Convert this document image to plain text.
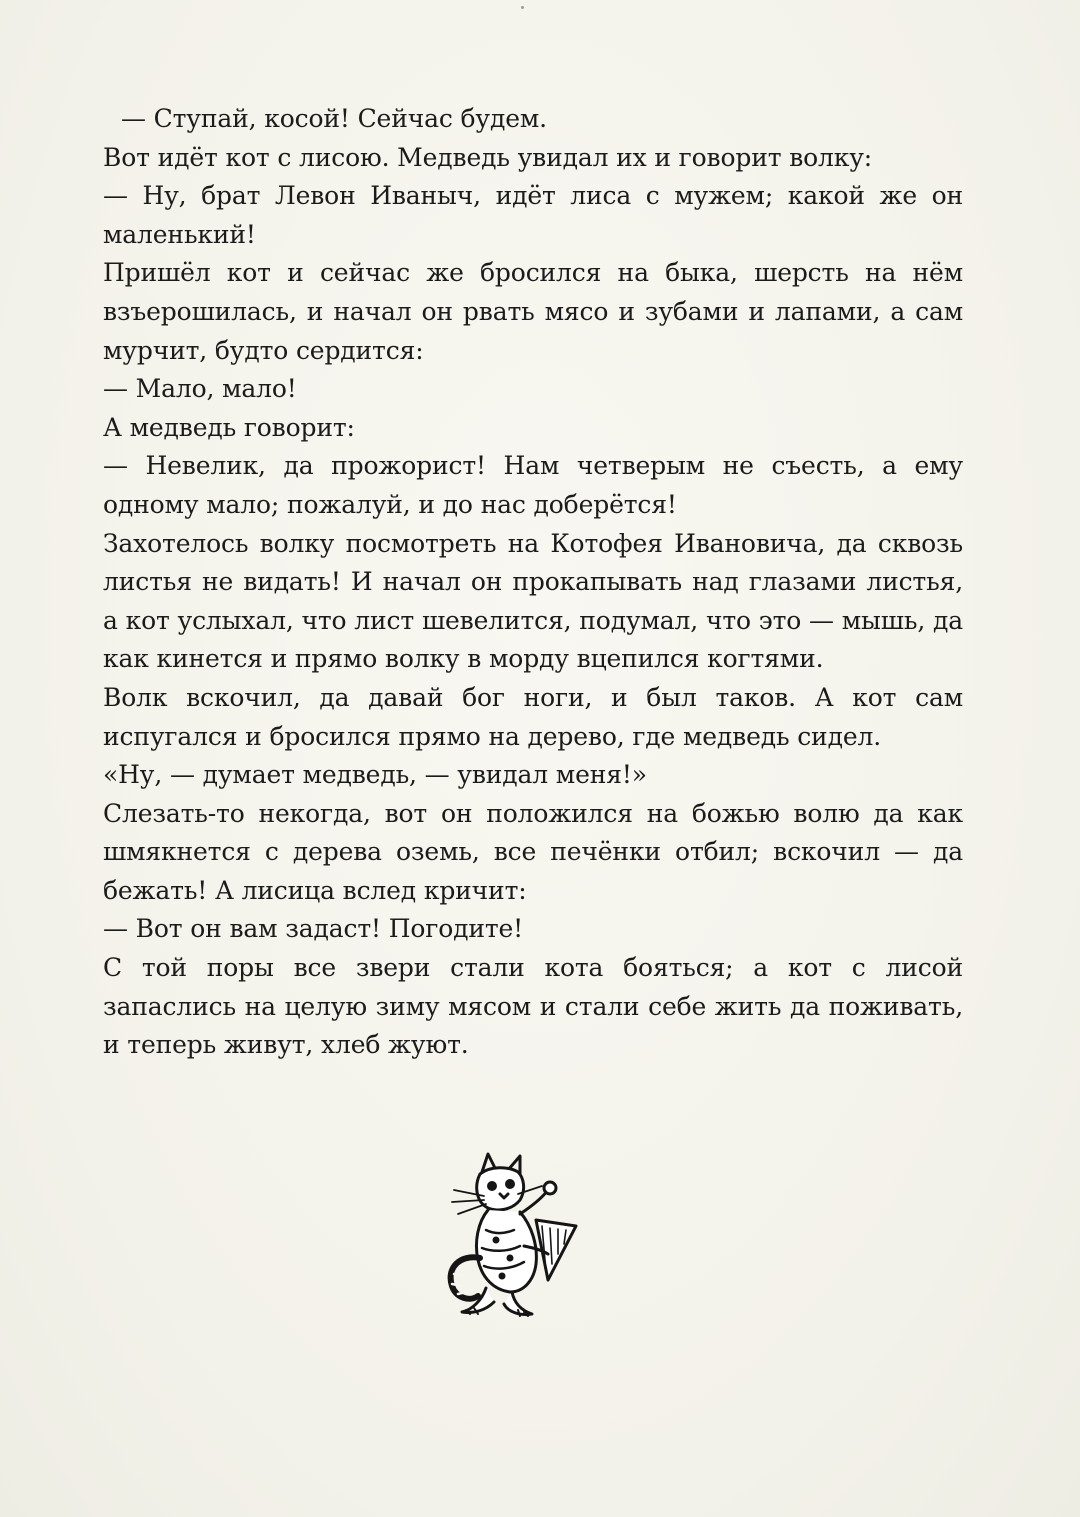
— Ступай, косой! Сейчас будем.

Вот идёт кот с лисою. Медведь увидал их и говорит волку:

— Ну, брат Левон Иваныч, идёт лиса с мужем; какой же он маленький!

Пришёл кот и сейчас же бросился на быка, шерсть на нём взъерошилась, и начал он рвать мясо и зубами и лапами, а сам мурчит, будто сердится:

— Мало, мало!

А медведь говорит:

— Невелик, да прожорист! Нам четверым не съесть, а ему одному мало; пожалуй, и до нас доберётся!

Захотелось волку посмотреть на Котофея Ивановича, да сквозь листья не видать! И начал он прокапывать над глазами листья, а кот услыхал, что лист шевелится, подумал, что это — мышь, да как кинется и прямо волку в морду вцепился когтями.

Волк вскочил, да давай бог ноги, и был таков. А кот сам испугался и бросился прямо на дерево, где медведь сидел.

«Ну, — думает медведь, — увидал меня!»

Слезать-то некогда, вот он положился на божью волю да как шмякнется с дерева оземь, все печёнки отбил; вскочил — да бежать! А лисица вслед кричит:

— Вот он вам задаст! Погодите!

С той поры все звери стали кота бояться; а кот с лисой запаслись на целую зиму мясом и стали себе жить да поживать, и теперь живут, хлеб жуют.
